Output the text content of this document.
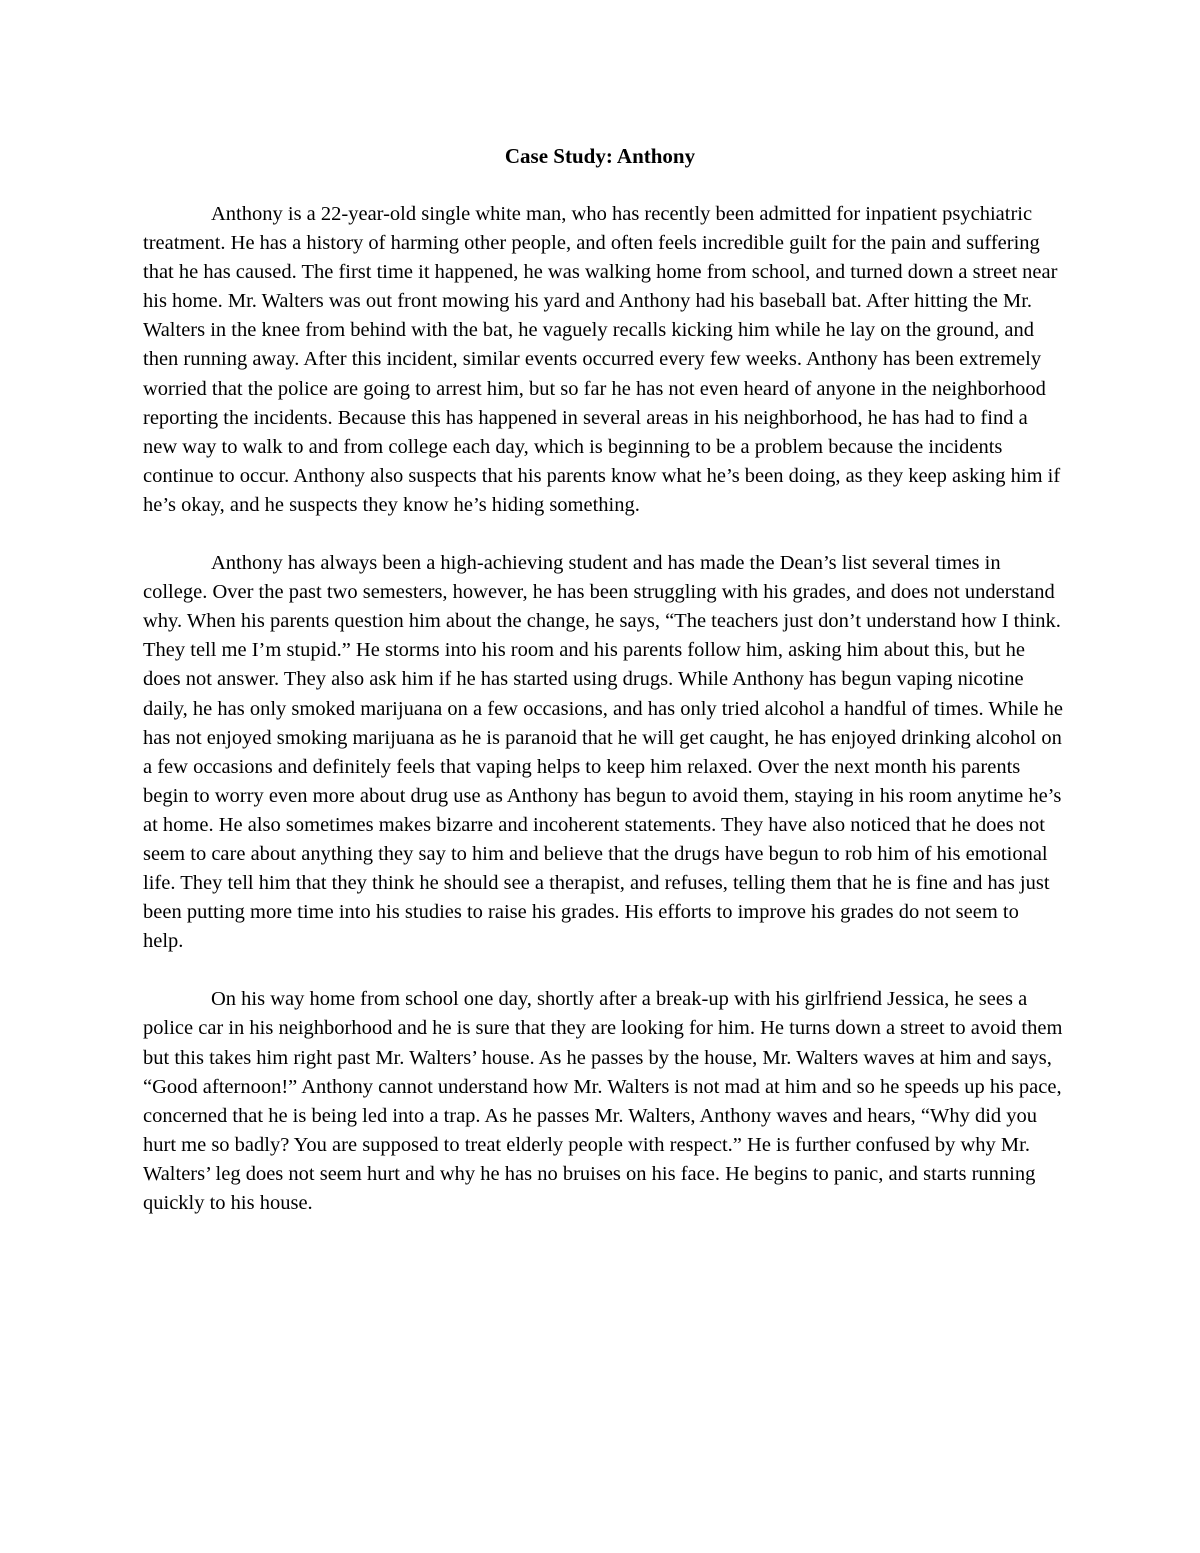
Case Study: Anthony

Anthony is a 22-year-old single white man, who has recently been admitted for inpatient psychiatric treatment. He has a history of harming other people, and often feels incredible guilt for the pain and suffering that he has caused. The first time it happened, he was walking home from school, and turned down a street near his home. Mr. Walters was out front mowing his yard and Anthony had his baseball bat. After hitting the Mr. Walters in the knee from behind with the bat, he vaguely recalls kicking him while he lay on the ground, and then running away. After this incident, similar events occurred every few weeks. Anthony has been extremely worried that the police are going to arrest him, but so far he has not even heard of anyone in the neighborhood reporting the incidents. Because this has happened in several areas in his neighborhood, he has had to find a new way to walk to and from college each day, which is beginning to be a problem because the incidents continue to occur. Anthony also suspects that his parents know what he’s been doing, as they keep asking him if he’s okay, and he suspects they know he’s hiding something.

Anthony has always been a high-achieving student and has made the Dean’s list several times in college. Over the past two semesters, however, he has been struggling with his grades, and does not understand why. When his parents question him about the change, he says, “The teachers just don’t understand how I think. They tell me I’m stupid.” He storms into his room and his parents follow him, asking him about this, but he does not answer. They also ask him if he has started using drugs. While Anthony has begun vaping nicotine daily, he has only smoked marijuana on a few occasions, and has only tried alcohol a handful of times. While he has not enjoyed smoking marijuana as he is paranoid that he will get caught, he has enjoyed drinking alcohol on a few occasions and definitely feels that vaping helps to keep him relaxed. Over the next month his parents begin to worry even more about drug use as Anthony has begun to avoid them, staying in his room anytime he’s at home. He also sometimes makes bizarre and incoherent statements. They have also noticed that he does not seem to care about anything they say to him and believe that the drugs have begun to rob him of his emotional life. They tell him that they think he should see a therapist, and refuses, telling them that he is fine and has just been putting more time into his studies to raise his grades. His efforts to improve his grades do not seem to help.

On his way home from school one day, shortly after a break-up with his girlfriend Jessica, he sees a police car in his neighborhood and he is sure that they are looking for him. He turns down a street to avoid them but this takes him right past Mr. Walters’ house. As he passes by the house, Mr. Walters waves at him and says, “Good afternoon!” Anthony cannot understand how Mr. Walters is not mad at him and so he speeds up his pace, concerned that he is being led into a trap. As he passes Mr. Walters, Anthony waves and hears, “Why did you hurt me so badly? You are supposed to treat elderly people with respect.” He is further confused by why Mr. Walters’ leg does not seem hurt and why he has no bruises on his face. He begins to panic, and starts running quickly to his house.
